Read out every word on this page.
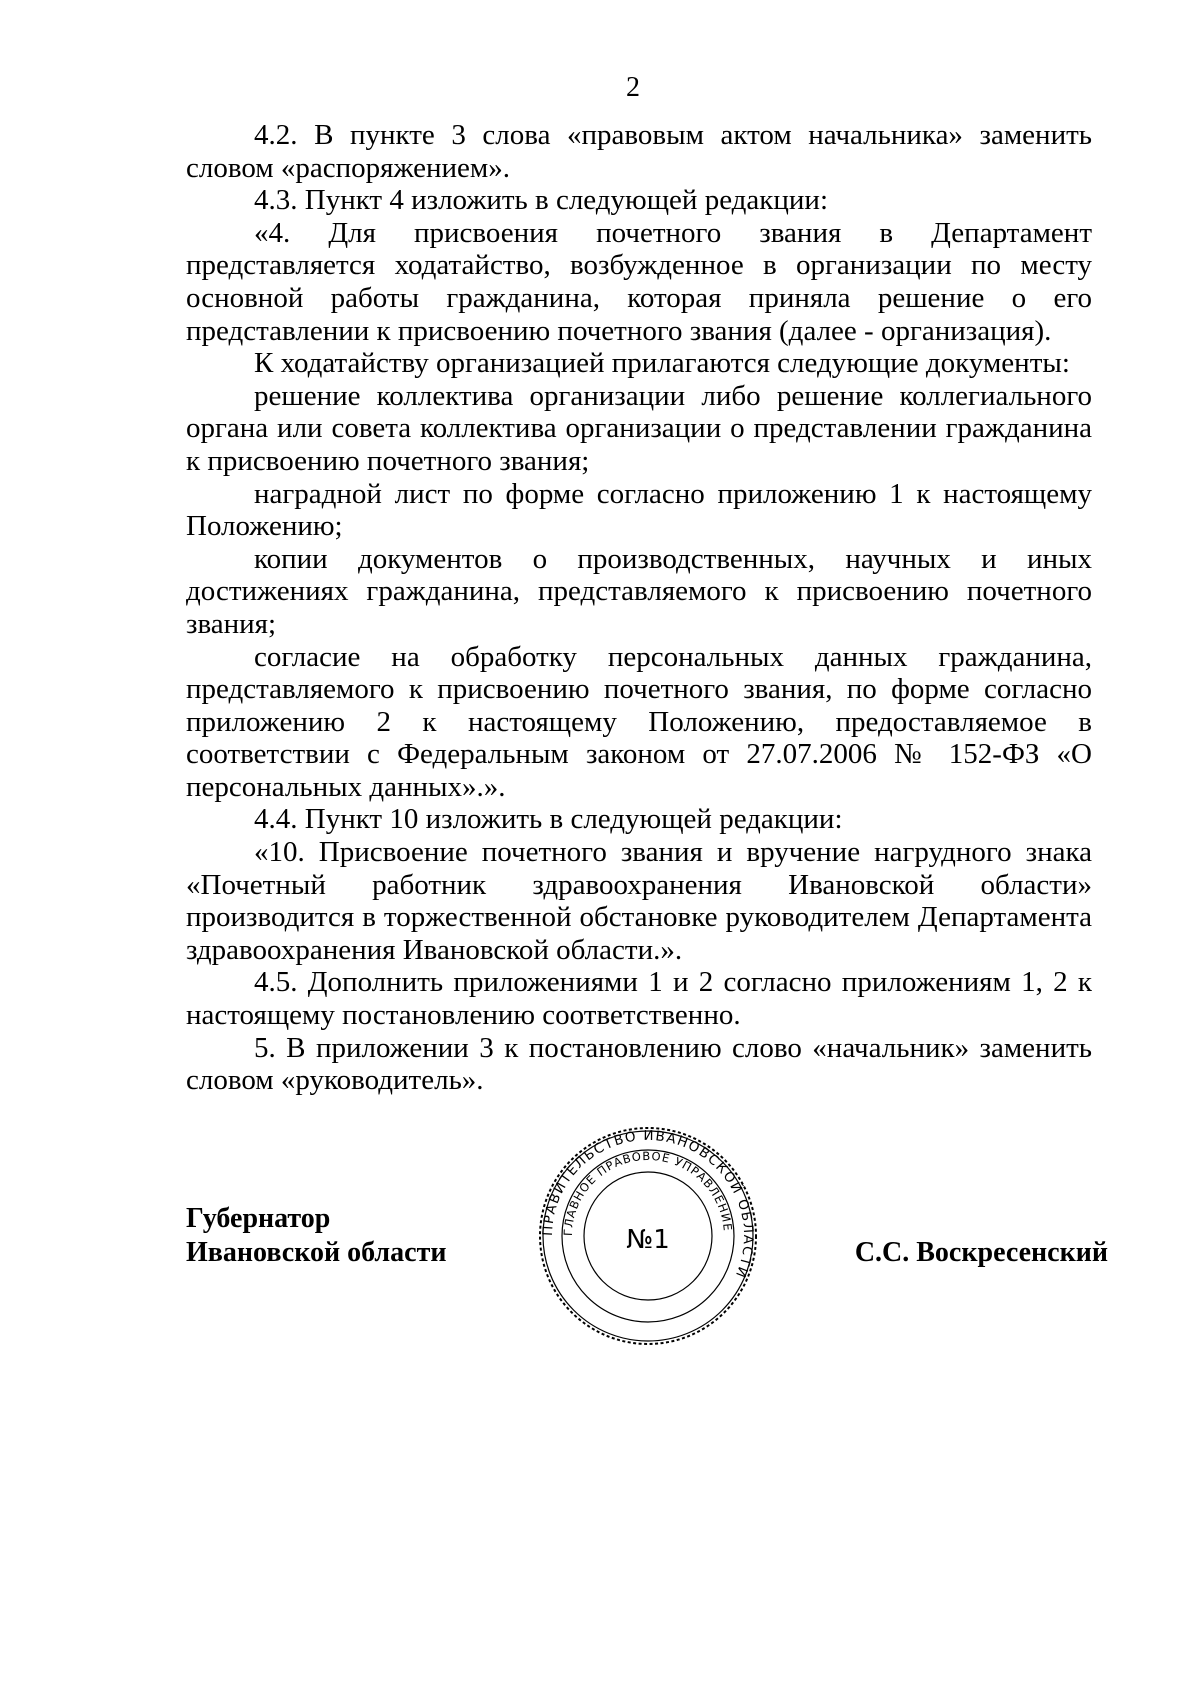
2

4.2. В пункте 3 слова «правовым актом начальника» заменить словом «распоряжением».

4.3. Пункт 4 изложить в следующей редакции:

«4. Для присвоения почетного звания в Департамент представляется ходатайство, возбужденное в организации по месту основной работы гражданина, которая приняла решение о его представлении к присвоению почетного звания (далее - организация).

К ходатайству организацией прилагаются следующие документы:

решение коллектива организации либо решение коллегиального органа или совета коллектива организации о представлении гражданина к присвоению почетного звания;

наградной лист по форме согласно приложению 1 к настоящему Положению;

копии документов о производственных, научных и иных достижениях гражданина, представляемого к присвоению почетного звания;

согласие на обработку персональных данных гражданина, представляемого к присвоению почетного звания, по форме согласно приложению 2 к настоящему Положению, предоставляемое в соответствии с Федеральным законом от 27.07.2006 № 152-ФЗ «О персональных данных».».

4.4. Пункт 10 изложить в следующей редакции:

«10. Присвоение почетного звания и вручение нагрудного знака «Почетный работник здравоохранения Ивановской области» производится в торжественной обстановке руководителем Департамента здравоохранения Ивановской области.».

4.5. Дополнить приложениями 1 и 2 согласно приложениям 1, 2 к настоящему постановлению соответственно.

5. В приложении 3 к постановлению слово «начальник» заменить словом «руководитель».

Губернатор
Ивановской области
ПРАВИТЕЛЬСТВО ИВАНОВСКОЙ ОБЛАСТИ
ГЛАВНОЕ ПРАВОВОЕ УПРАВЛЕНИЕ
№1	С.С. Воскресенский
